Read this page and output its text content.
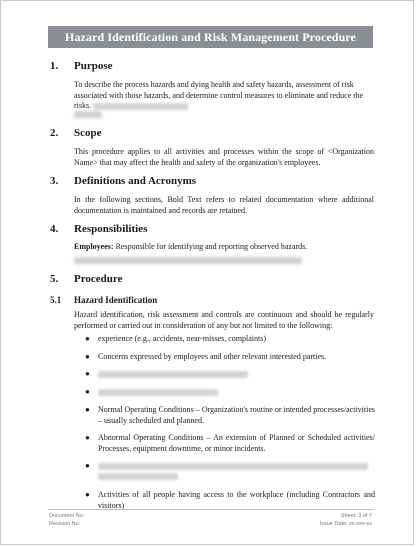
Hazard Identification and Risk Management Procedure
1.	Purpose

To describe the process hazards and dying health and safety hazards, assessment of risk associated with those hazards, and determine control measures to eliminate and reduce the risks.

2.	Scope

This procedure applies to all activities and processes within the scope of <Organization Name> that may affect the health and safety of the organization's employees.

3.	Definitions and Acronyms

In the following sections, Bold Text refers to related documentation where additional documentation is maintained and records are retained.

4.	Responsibilities

Employees: Responsible for identifying and reporting observed hazards.

5.	Procedure
5.1	Hazard Identification

Hazard identification, risk assessment and controls are continuous and should be regularly performed or carried out in consideration of any but not limited to the following:

● experience (e.g., accidents, near-misses, complaints)
● Concerns expressed by employees and other relevant interested parties.
●
●
● Normal Operating Conditions – Organization's routine or intended processes/activities – usually scheduled and planned.
● Abnormal Operating Conditions – An extension of Planned or Scheduled activities/ Processes, equipment downtime, or minor incidents.
●

● Activities of all people having access to the workplace (including Contractors and visitors)
Document No:
Revision No:
Sheet: 3 of 7
Issue Date: xx-xxx-xx
